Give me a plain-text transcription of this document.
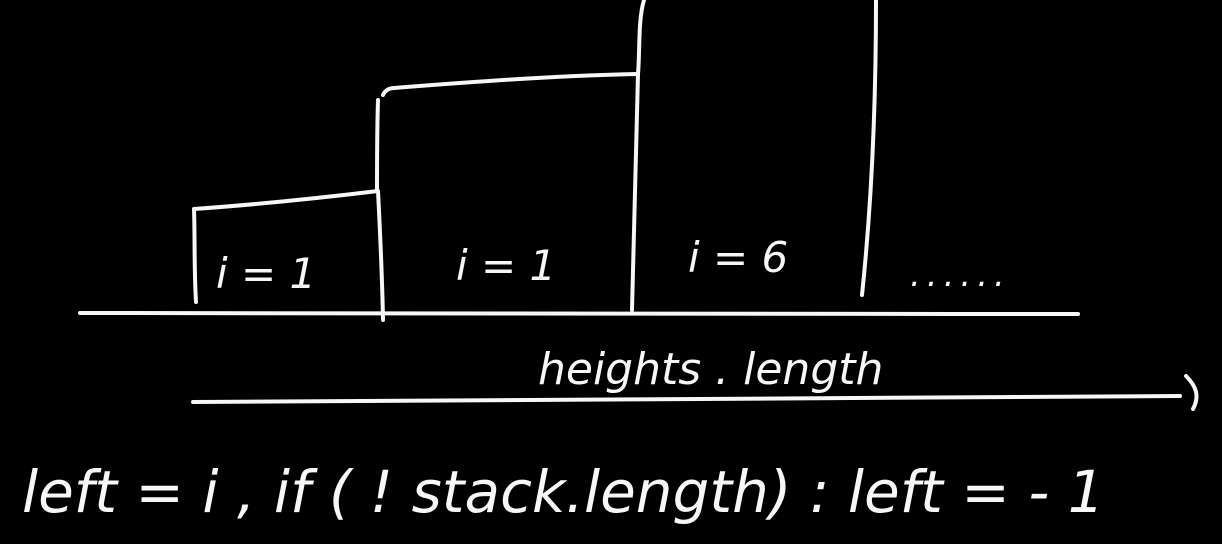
i = 1	i = 1	i = 6	......
heights . length
left = i , if ( ! stack.length) : left = - 1
